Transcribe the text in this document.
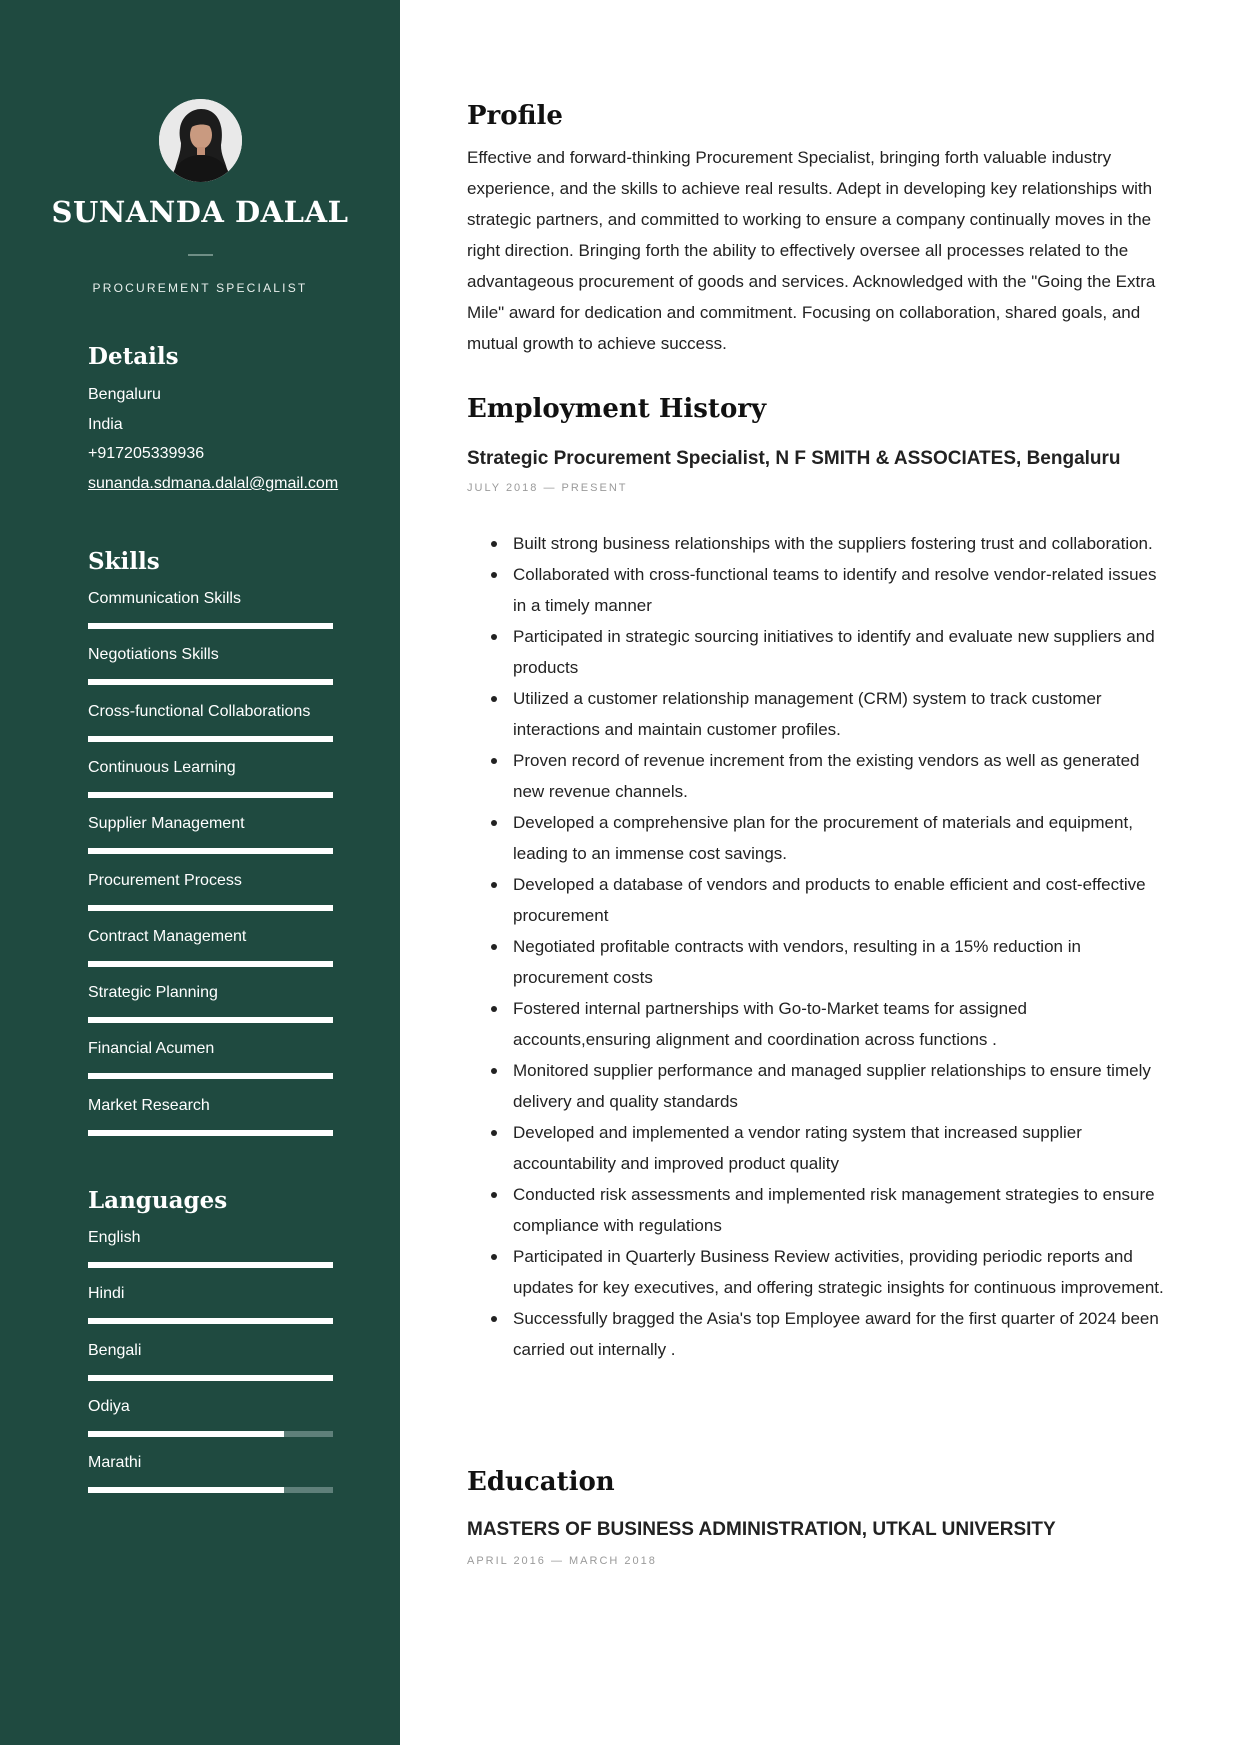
SUNANDA DALAL
PROCUREMENT SPECIALIST
Details
Bengaluru
India
+917205339936
sunanda.sdmana.dalal@gmail.com
Skills
Communication Skills
Negotiations Skills
Cross-functional Collaborations
Continuous Learning
Supplier Management
Procurement Process
Contract Management
Strategic Planning
Financial Acumen
Market Research
Languages
English
Hindi
Bengali
Odiya
Marathi
Profile
Effective and forward-thinking Procurement Specialist, bringing forth valuable industry experience, and the skills to achieve real results. Adept in developing key relationships with strategic partners, and committed to working to ensure a company continually moves in the right direction. Bringing forth the ability to effectively oversee all processes related to the advantageous procurement of goods and services. Acknowledged with the "Going the Extra Mile" award for dedication and commitment. Focusing on collaboration, shared goals, and mutual growth to achieve success.
Employment History
Strategic Procurement Specialist, N F SMITH & ASSOCIATES, Bengaluru
JULY 2018 — PRESENT
Built strong business relationships with the suppliers fostering trust and collaboration.
Collaborated with cross-functional teams to identify and resolve vendor-related issues in a timely manner
Participated in strategic sourcing initiatives to identify and evaluate new suppliers and products
Utilized a customer relationship management (CRM) system to track customer interactions and maintain customer profiles.
Proven record of revenue increment from the existing vendors as well as generated new revenue channels.
Developed a comprehensive plan for the procurement of materials and equipment, leading to an immense cost savings.
Developed a database of vendors and products to enable efficient and cost-effective procurement
Negotiated profitable contracts with vendors, resulting in a 15% reduction in procurement costs
Fostered internal partnerships with Go-to-Market teams for assigned accounts,ensuring alignment and coordination across functions .
Monitored supplier performance and managed supplier relationships to ensure timely delivery and quality standards
Developed and implemented a vendor rating system that increased supplier accountability and improved product quality
Conducted risk assessments and implemented risk management strategies to ensure compliance with regulations
Participated in Quarterly Business Review activities, providing periodic reports and updates for key executives, and offering strategic insights for continuous improvement.
Successfully bragged the Asia's top Employee award for the first quarter of 2024 been carried out internally .
Education
MASTERS OF BUSINESS ADMINISTRATION, UTKAL UNIVERSITY
APRIL 2016 — MARCH 2018
